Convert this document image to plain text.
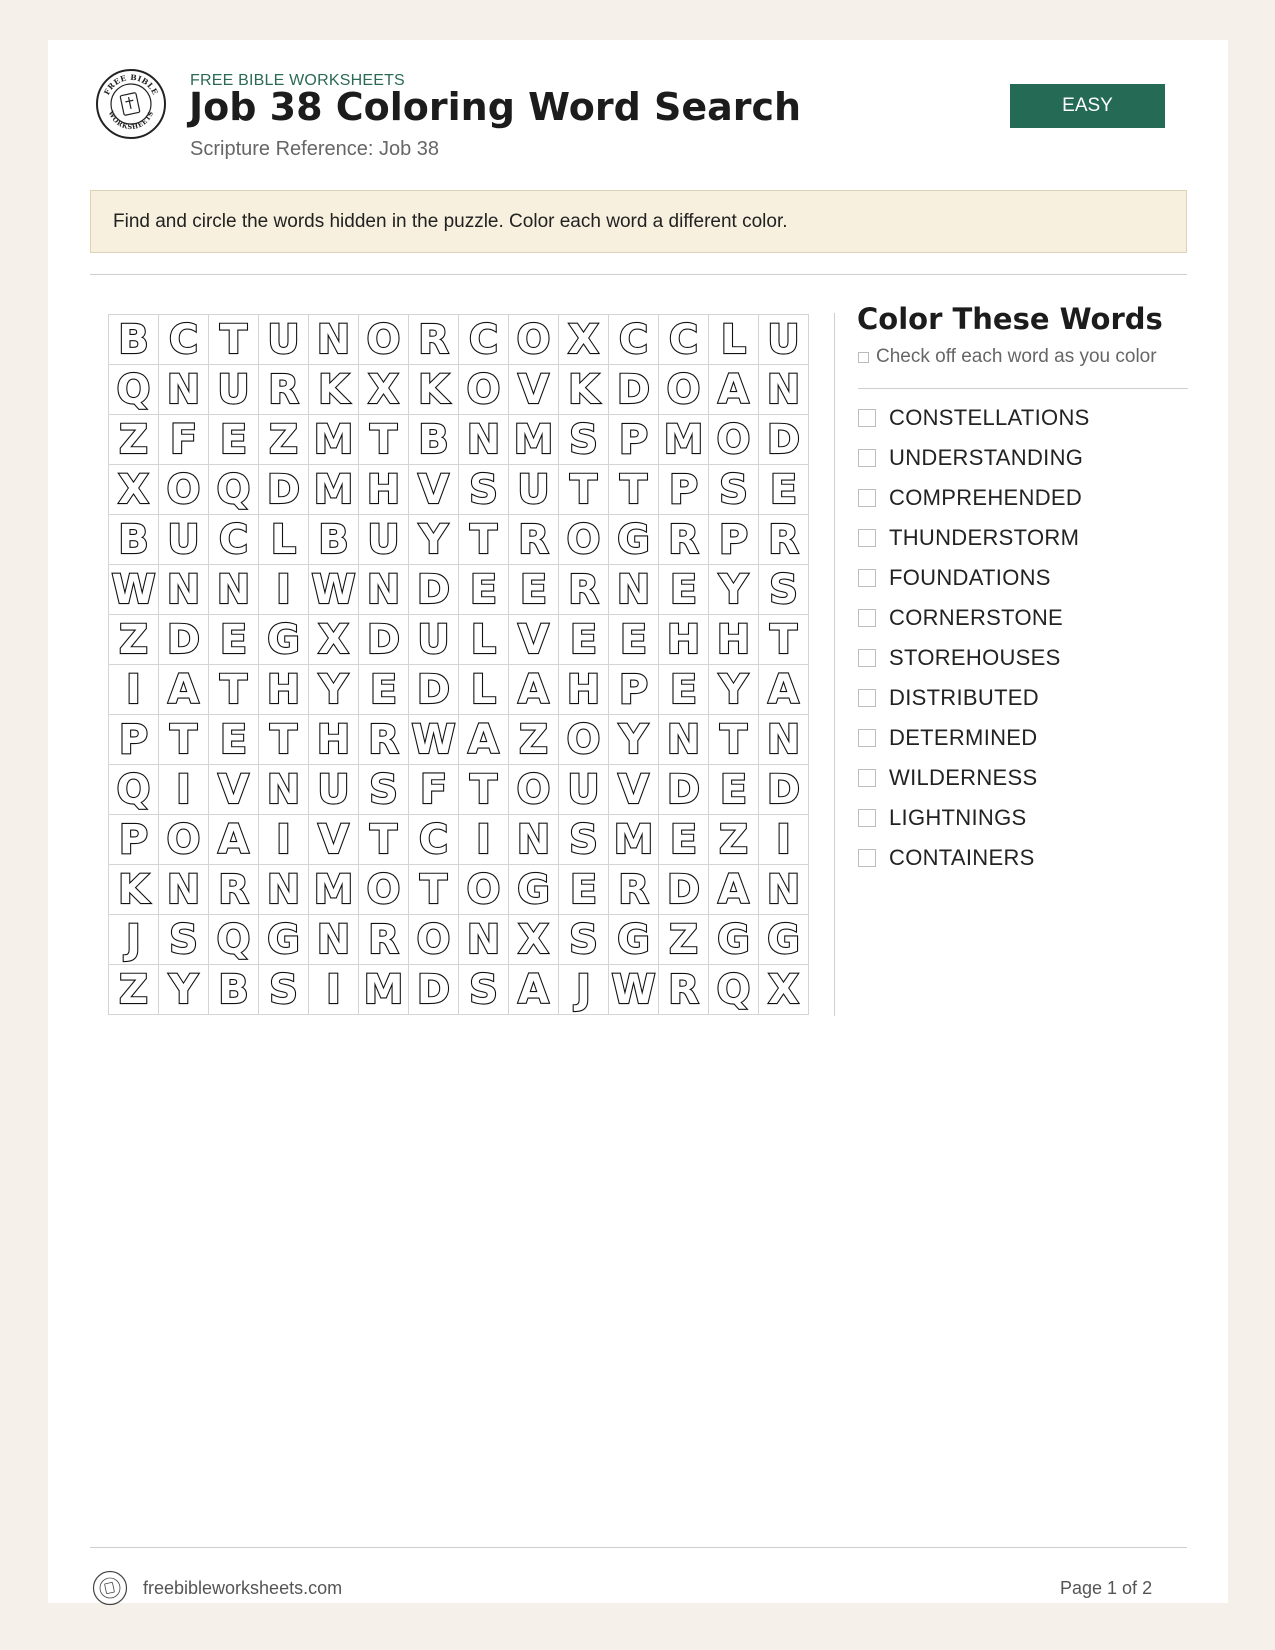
FREE BIBLE
WORKSHEETS
FREE BIBLE WORKSHEETS
Job 38 Coloring Word Search
Scripture Reference: Job 38
EASY
Find and circle the words hidden in the puzzle. Color each word a different color.
B C T U N O R C O X C C L U
Q N U R K X K O V K D O A N
Z F E Z M T B N M S P M O D
X O Q D M H V S U T T P S E
B U C L B U Y T R O G R P R
W N N I W N D E E R N E Y S
Z D E G X D U L V E E H H T
I A T H Y E D L A H P E Y A
P T E T H R W A Z O Y N T N
Q I V N U S F T O U V D E D
P O A I V T C I N S M E Z I
K N R N M O T O G E R D A N
J S Q G N R O N X S G Z G G
Z Y B S I M D S A J W R Q X
Color These Words
Check off each word as you color
CONSTELLATIONS
UNDERSTANDING
COMPREHENDED
THUNDERSTORM
FOUNDATIONS
CORNERSTONE
STOREHOUSES
DISTRIBUTED
DETERMINED
WILDERNESS
LIGHTNINGS
CONTAINERS
freebibleworksheets.com	Page 1 of 2
